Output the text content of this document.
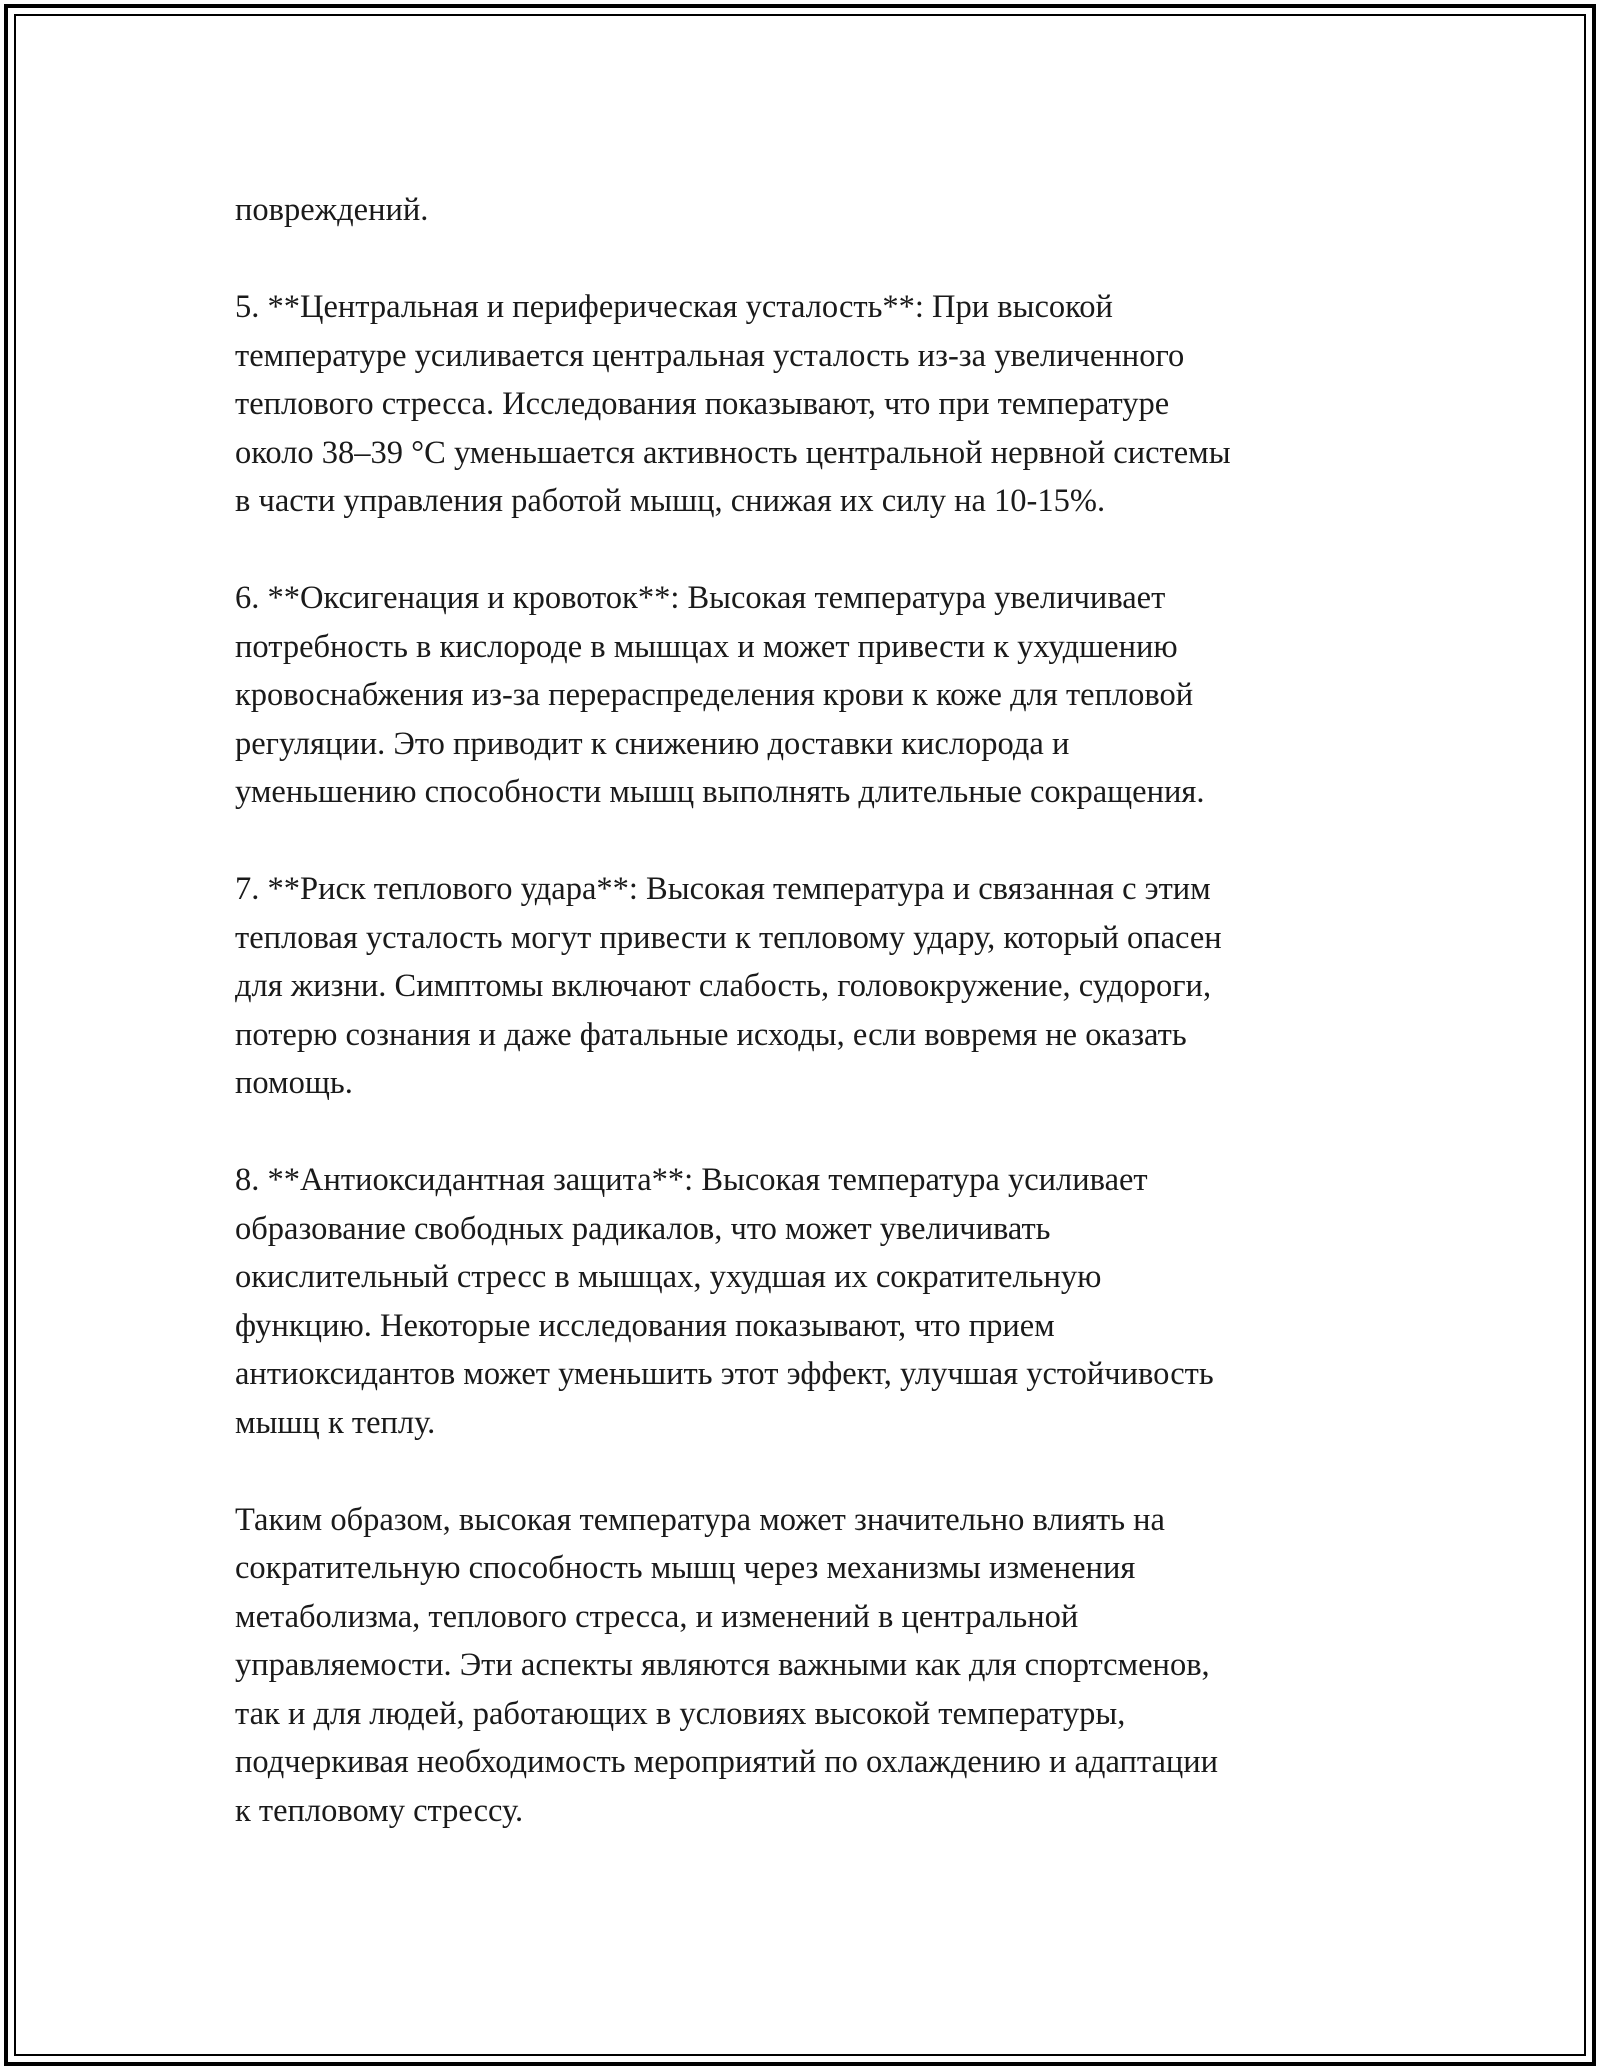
повреждений.

5. **Центральная и периферическая усталость**: При высокой
температуре усиливается центральная усталость из-за увеличенного
теплового стресса. Исследования показывают, что при температуре
около 38–39 °C уменьшается активность центральной нервной системы
в части управления работой мышц, снижая их силу на 10-15%.

6. **Оксигенация и кровоток**: Высокая температура увеличивает
потребность в кислороде в мышцах и может привести к ухудшению
кровоснабжения из-за перераспределения крови к коже для тепловой
регуляции. Это приводит к снижению доставки кислорода и
уменьшению способности мышц выполнять длительные сокращения.

7. **Риск теплового удара**: Высокая температура и связанная с этим
тепловая усталость могут привести к тепловому удару, который опасен
для жизни. Симптомы включают слабость, головокружение, судороги,
потерю сознания и даже фатальные исходы, если вовремя не оказать
помощь.

8. **Антиоксидантная защита**: Высокая температура усиливает
образование свободных радикалов, что может увеличивать
окислительный стресс в мышцах, ухудшая их сократительную
функцию. Некоторые исследования показывают, что прием
антиоксидантов может уменьшить этот эффект, улучшая устойчивость
мышц к теплу.

Таким образом, высокая температура может значительно влиять на
сократительную способность мышц через механизмы изменения
метаболизма, теплового стресса, и изменений в центральной
управляемости. Эти аспекты являются важными как для спортсменов,
так и для людей, работающих в условиях высокой температуры,
подчеркивая необходимость мероприятий по охлаждению и адаптации
к тепловому стрессу.
